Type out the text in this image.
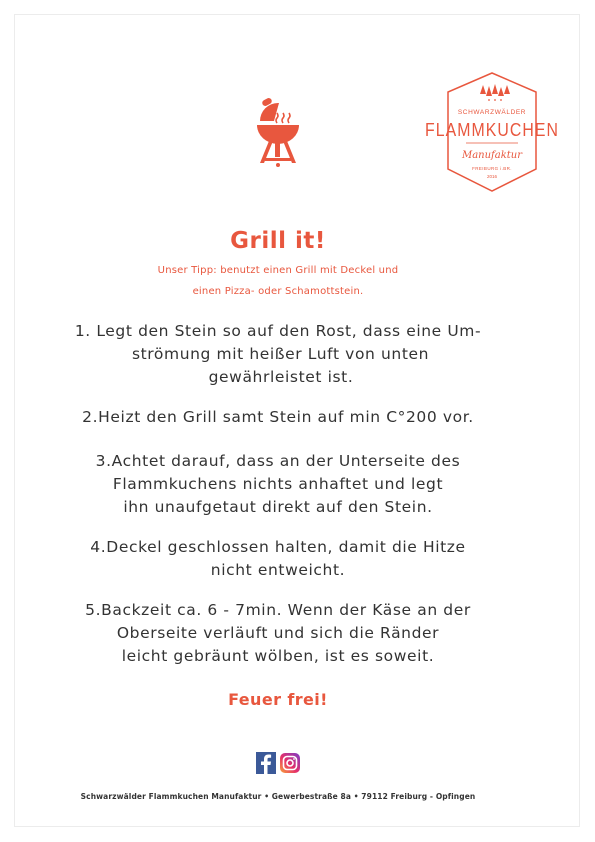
SCHWARZWÄLDER
FLAMMKUCHEN
Manufaktur
FREIBURG i.BR.
2016
Grill it!
Unser Tipp: benutzt einen Grill mit Deckel und
einen Pizza- oder Schamottstein.
1. Legt den Stein so auf den Rost, dass eine Um-
strömung mit heißer Luft von unten
gewährleistet ist.
2.Heizt den Grill samt Stein auf min C°200 vor.
3.Achtet darauf, dass an der Unterseite des
Flammkuchens nichts anhaftet und legt
ihn unaufgetaut direkt auf den Stein.
4.Deckel geschlossen halten, damit die Hitze
nicht entweicht.
5.Backzeit ca. 6 - 7min. Wenn der Käse an der
Oberseite verläuft und sich die Ränder
leicht gebräunt wölben, ist es soweit.
Feuer frei!
Schwarzwälder Flammkuchen Manufaktur • Gewerbestraße 8a • 79112 Freiburg - Opfingen
